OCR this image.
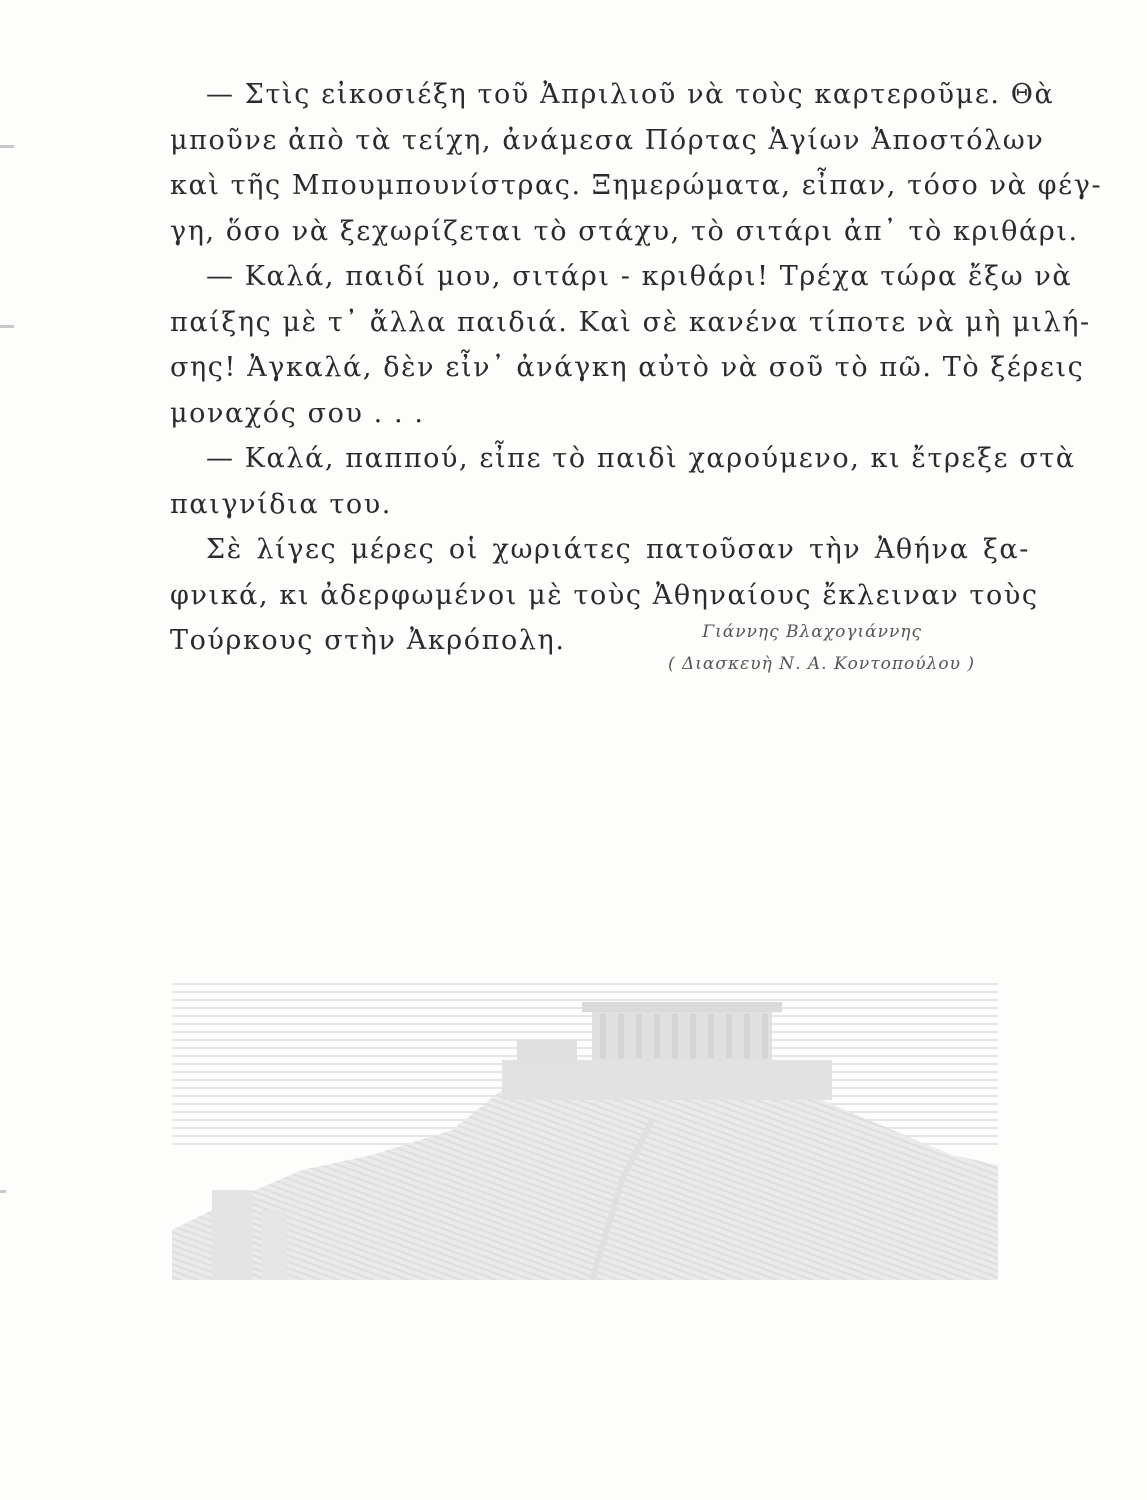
— Στὶς εἰκοσιέξη τοῦ Ἀπριλιοῦ νὰ τοὺς καρτεροῦμε. Θὰ
μποῦνε ἀπὸ τὰ τείχη, ἀνάμεσα Πόρτας Ἁγίων Ἀποστόλων
καὶ τῆς Μπουμπουνίστρας. Ξημερώματα, εἶπαν, τόσο νὰ φέγ-
γη, ὅσο νὰ ξεχωρίζεται τὸ στάχυ, τὸ σιτάρι ἀπ᾽ τὸ κριθάρι.
— Καλά, παιδί μου, σιτάρι - κριθάρι! Τρέχα τώρα ἔξω νὰ
παίξης μὲ τ᾽ ἄλλα παιδιά. Καὶ σὲ κανένα τίποτε νὰ μὴ μιλή-
σης! Ἀγκαλά, δὲν εἶν᾽ ἀνάγκη αὐτὸ νὰ σοῦ τὸ πῶ. Τὸ ξέρεις
μοναχός σου . . .
— Καλά, παππού, εἶπε τὸ παιδὶ χαρούμενο, κι ἔτρεξε στὰ
παιγνίδια του.
Σὲ λίγες μέρες οἱ χωριάτες πατοῦσαν τὴν Ἀθήνα ξα-
φνικά, κι ἀδερφωμένοι μὲ τοὺς Ἀθηναίους ἔκλειναν τοὺς
Τούρκους στὴν Ἀκρόπολη.	Γιάννης Βλαχογιάννης
( Διασκευὴ Ν. Α. Κοντοπούλου )
